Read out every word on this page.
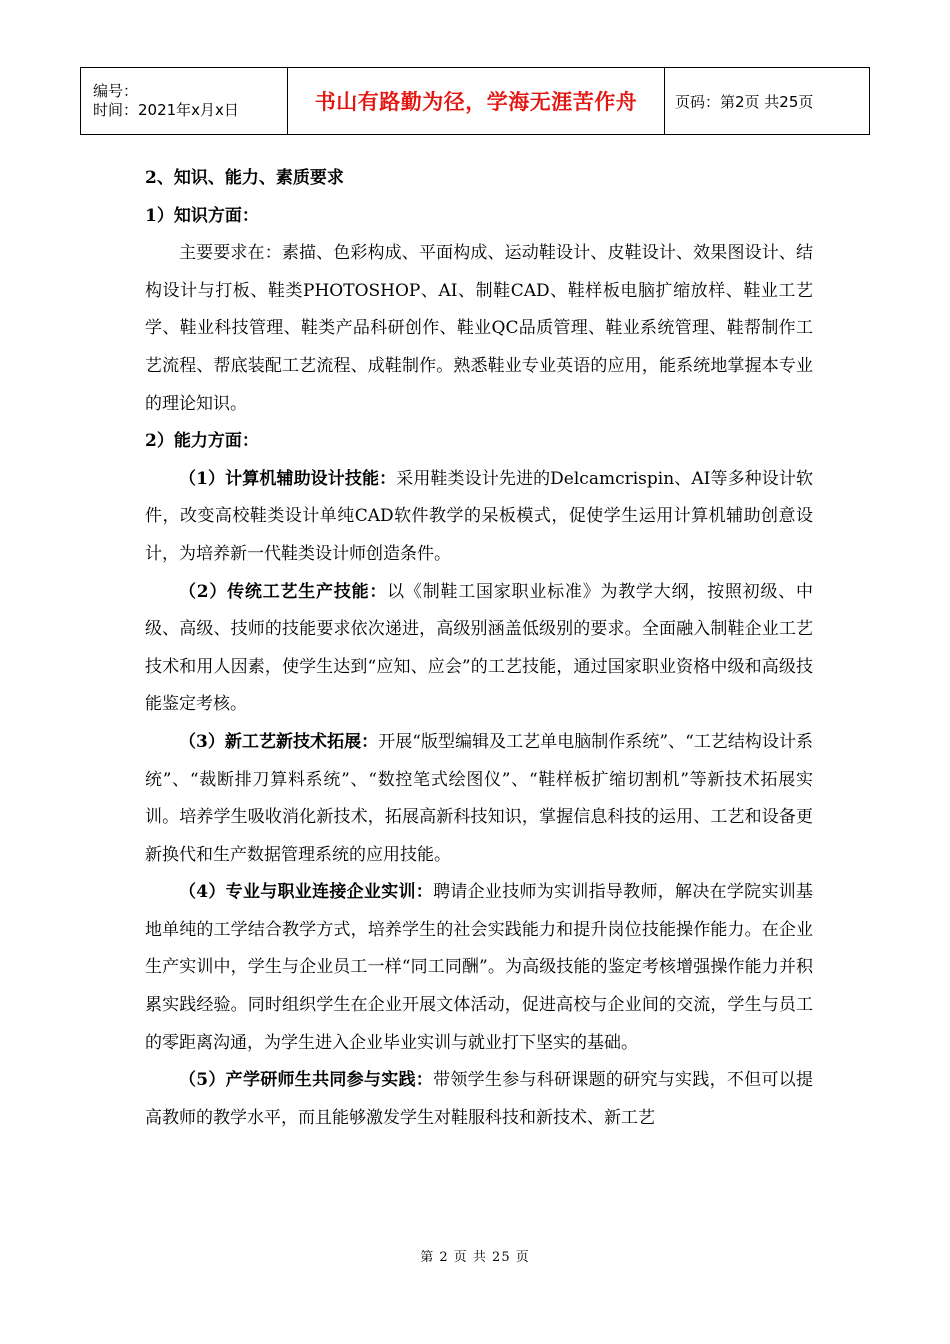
编号：
时间：2021年x月x日	书山有路勤为径，学海无涯苦作舟	页码：第2页 共25页

2、知识、能力、素质要求

1）知识方面：

主要要求在：素描、色彩构成、平面构成、运动鞋设计、皮鞋设计、效果图设计、结构设计与打板、鞋类PHOTOSHOP、AI、制鞋CAD、鞋样板电脑扩缩放样、鞋业工艺学、鞋业科技管理、鞋类产品科研创作、鞋业QC品质管理、鞋业系统管理、鞋帮制作工艺流程、帮底装配工艺流程、成鞋制作。熟悉鞋业专业英语的应用，能系统地掌握本专业的理论知识。

2）能力方面：

（1）计算机辅助设计技能：采用鞋类设计先进的Delcamcrispin、AI等多种设计软件，改变高校鞋类设计单纯CAD软件教学的呆板模式，促使学生运用计算机辅助创意设计，为培养新一代鞋类设计师创造条件。

（2）传统工艺生产技能：以《制鞋工国家职业标准》为教学大纲，按照初级、中级、高级、技师的技能要求依次递进，高级别涵盖低级别的要求。全面融入制鞋企业工艺技术和用人因素，使学生达到“应知、应会”的工艺技能，通过国家职业资格中级和高级技能鉴定考核。

（3）新工艺新技术拓展：开展“版型编辑及工艺单电脑制作系统”、“工艺结构设计系统”、“裁断排刀算料系统”、“数控笔式绘图仪”、“鞋样板扩缩切割机”等新技术拓展实训。培养学生吸收消化新技术，拓展高新科技知识，掌握信息科技的运用、工艺和设备更新换代和生产数据管理系统的应用技能。

（4）专业与职业连接企业实训：聘请企业技师为实训指导教师，解决在学院实训基地单纯的工学结合教学方式，培养学生的社会实践能力和提升岗位技能操作能力。在企业生产实训中，学生与企业员工一样“同工同酬”。为高级技能的鉴定考核增强操作能力并积累实践经验。同时组织学生在企业开展文体活动，促进高校与企业间的交流，学生与员工的零距离沟通，为学生进入企业毕业实训与就业打下坚实的基础。

（5）产学研师生共同参与实践：带领学生参与科研课题的研究与实践，不但可以提高教师的教学水平，而且能够激发学生对鞋服科技和新技术、新工艺

第 2 页 共 25 页
